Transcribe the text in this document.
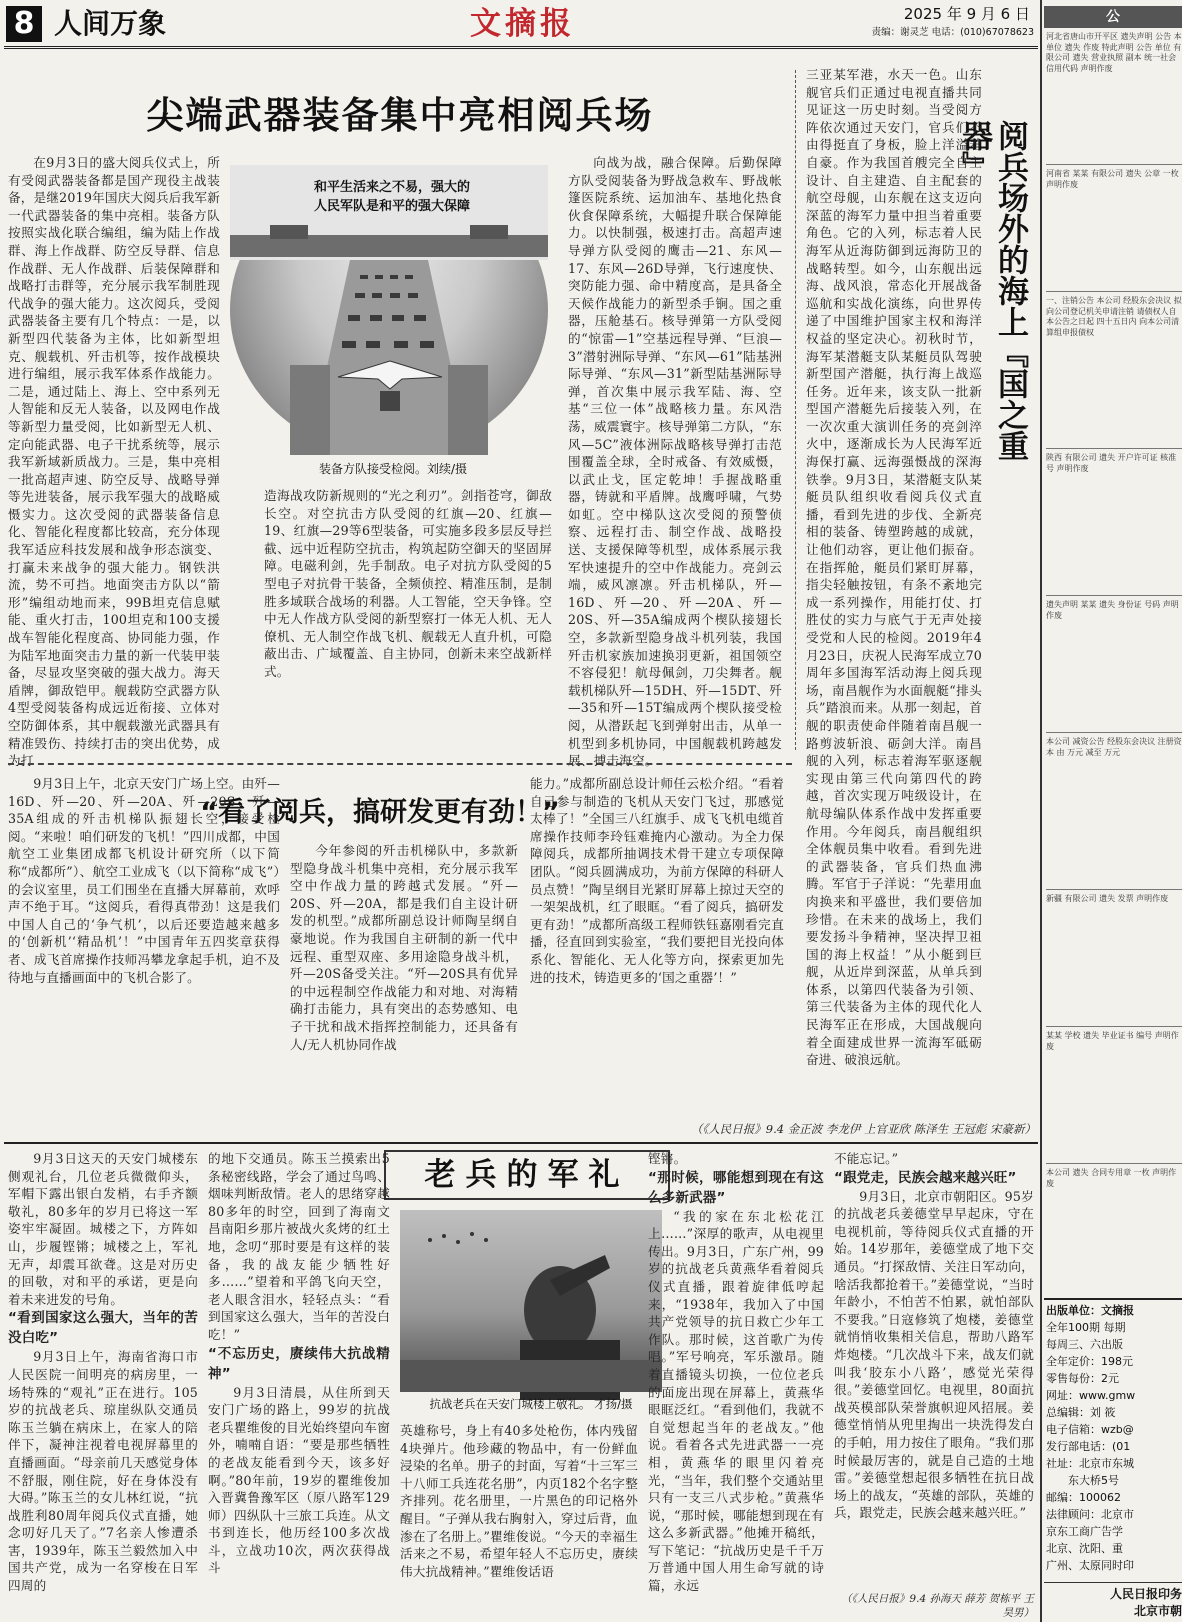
8 人间万象	文摘报	2025 年 9 月 6 日
责编：谢灵芝 电话：(010)67078623
尖端武器装备集中亮相阅兵场

在9月3日的盛大阅兵仪式上，所有受阅武器装备都是国产现役主战装备，是继2019年国庆大阅兵后我军新一代武器装备的集中亮相。装备方队按照实战化联合编组，编为陆上作战群、海上作战群、防空反导群、信息作战群、无人作战群、后装保障群和战略打击群等，充分展示我军制胜现代战争的强大能力。这次阅兵，受阅武器装备主要有几个特点：一是，以新型四代装备为主体，比如新型坦克、舰载机、歼击机等，按作战模块进行编组，展示我军体系作战能力。二是，通过陆上、海上、空中系列无人智能和反无人装备，以及网电作战等新型力量受阅，比如新型无人机、定向能武器、电子干扰系统等，展示我军新域新质战力。三是，集中亮相一批高超声速、防空反导、战略导弹等先进装备，展示我军强大的战略威慑实力。这次受阅的武器装备信息化、智能化程度都比较高，充分体现我军适应科技发展和战争形态演变、打赢未来战争的强大能力。钢铁洪流，势不可挡。地面突击方队以“箭形”编组动地而来，99B坦克信息赋能、重火打击，100坦克和100支援战车智能化程度高、协同能力强，作为陆军地面突击力量的新一代装甲装备，尽显攻坚突破的强大战力。海天盾牌，御敌铠甲。舰载防空武器方队4型受阅装备构成远近衔接、立体对空防御体系，其中舰载激光武器具有精准毁伤、持续打击的突出优势，成为打

和平生活来之不易，强大的人民军队是和平的强大保障
装备方队接受检阅。刘续/摄

造海战攻防新规则的“光之利刃”。剑指苍穹，御敌长空。对空抗击方队受阅的红旗—20、红旗—19、红旗—29等6型装备，可实施多段多层反导拦截、远中近程防空抗击，构筑起防空御天的坚固屏障。电磁利剑，先手制敌。电子对抗方队受阅的5型电子对抗骨干装备，全频侦控、精准压制，是制胜多域联合战场的利器。人工智能，空天争锋。空中无人作战方队受阅的新型察打一体无人机、无人僚机、无人制空作战飞机、舰载无人直升机，可隐蔽出击、广域覆盖、自主协同，创新未来空战新样式。

向战为战，融合保障。后勤保障方队受阅装备为野战急救车、野战帐篷医院系统、运加油车、基地化热食伙食保障系统，大幅提升联合保障能力。以快制强，极速打击。高超声速导弹方队受阅的鹰击—21、东风—17、东风—26D导弹，飞行速度快、突防能力强、命中精度高，是具备全天候作战能力的新型杀手锏。国之重器，压舱基石。核导弹第一方队受阅的“惊雷—1”空基远程导弹、“巨浪—3”潜射洲际导弹、“东风—61”陆基洲际导弹、“东风—31”新型陆基洲际导弹，首次集中展示我军陆、海、空基“三位一体”战略核力量。东风浩荡，威震寰宇。核导弹第二方队，“东风—5C”液体洲际战略核导弹打击范围覆盖全球，全时戒备、有效威慑，以武止戈，匡定乾坤！手握战略重器，铸就和平盾牌。战鹰呼啸，气势如虹。空中梯队这次受阅的预警侦察、远程打击、制空作战、战略投送、支援保障等机型，成体系展示我军快速提升的空中作战能力。亮剑云端，威风凛凛。歼击机梯队，歼—16D、歼—20、歼—20A、歼—20S、歼—35A编成两个楔队接翅长空，多款新型隐身战斗机列装，我国歼击机家族加速换羽更新，祖国领空不容侵犯！航母佩剑，刀尖舞者。舰载机梯队歼—15DH、歼—15DT、歼—35和歼—15T编成两个楔队接受检阅，从潜跃起飞到弹射出击，从单一机型到多机协同，中国舰载机跨越发展、搏击海空。

阅兵场外的海上『国之重器』

三亚某军港，水天一色。山东舰官兵们正通过电视直播共同见证这一历史时刻。当受阅方阵依次通过天安门，官兵们不由得挺直了身板，脸上洋溢着自豪。作为我国首艘完全自主设计、自主建造、自主配套的航空母舰，山东舰在这支迈向深蓝的海军力量中担当着重要角色。它的入列，标志着人民海军从近海防御到远海防卫的战略转型。如今，山东舰出远海、战风浪，常态化开展战备巡航和实战化演练，向世界传递了中国维护国家主权和海洋权益的坚定决心。初秋时节，海军某潜艇支队某艇员队驾驶新型国产潜艇，执行海上战巡任务。近年来，该支队一批新型国产潜艇先后接装入列，在一次次重大演训任务的亮剑淬火中，逐渐成长为人民海军近海保打赢、远海强慑战的深海铁拳。9月3日，某潜艇支队某艇员队组织收看阅兵仪式直播，看到先进的步伐、全新亮相的装备、铸塑跨越的成就，让他们动容，更让他们振奋。在指挥舱，艇员们紧盯屏幕，指尖轻触按钮，有条不紊地完成一系列操作，用能打仗、打胜仗的实力与底气于无声处接受党和人民的检阅。2019年4月23日，庆祝人民海军成立70周年多国海军活动海上阅兵现场，南昌舰作为水面舰艇“排头兵”踏浪而来。从那一刻起，首舰的职责使命伴随着南昌舰一路剪波斩浪、砺剑大洋。南昌舰的入列，标志着海军驱逐舰实现由第三代向第四代的跨越，首次实现万吨级设计，在航母编队体系作战中发挥重要作用。今年阅兵，南昌舰组织全体舰员集中收看。看到先进的武器装备，官兵们热血沸腾。军官于子洋说：“先辈用血肉换来和平盛世，我们要倍加珍惜。在未来的战场上，我们要发扬斗争精神，坚决捍卫祖国的海上权益！”从小艇到巨舰，从近岸到深蓝，从单兵到体系，以第四代装备为引领、第三代装备为主体的现代化人民海军正在形成，大国战舰向着全面建成世界一流海军砥砺奋进、破浪远航。

“看了阅兵，搞研发更有劲！”

9月3日上午，北京天安门广场上空。由歼—16D、歼—20、歼—20A、歼—20S、歼—35A组成的歼击机梯队振翅长空，接受检阅。“来啦！咱们研发的飞机！”四川成都，中国航空工业集团成都飞机设计研究所（以下简称“成都所”）、航空工业成飞（以下简称“成飞”）的会议室里，员工们围坐在直播大屏幕前，欢呼声不绝于耳。“这阅兵，看得真带劲！这是我们中国人自己的‘争气机’，以后还要造越来越多的‘创新机’‘精品机’！”中国青年五四奖章获得者、成飞首席操作技师冯攀龙拿起手机，迫不及待地与直播画面中的飞机合影了。

今年参阅的歼击机梯队中，多款新型隐身战斗机集中亮相，充分展示我军空中作战力量的跨越式发展。“歼—20S、歼—20A，都是我们自主设计研发的机型。”成都所副总设计师陶呈纲自豪地说。作为我国自主研制的新一代中远程、重型双座、多用途隐身战斗机，歼—20S备受关注。“歼—20S具有优异的中远程制空作战能力和对地、对海精确打击能力，具有突出的态势感知、电子干扰和战术指挥控制能力，还具备有人/无人机协同作战

能力。”成都所副总设计师任云松介绍。“看着自己参与制造的飞机从天安门飞过，那感觉太棒了！”全国三八红旗手、成飞飞机电缆首席操作技师李玲钰难掩内心激动。为全力保障阅兵，成都所抽调技术骨干建立专项保障团队。“阅兵圆满成功，为前方保障的科研人员点赞！”陶呈纲目光紧盯屏幕上掠过天空的一架架战机，红了眼眶。“看了阅兵，搞研发更有劲！”成都所高级工程师铁钰嘉刚看完直播，径直回到实验室，“我们要把目光投向体系化、智能化、无人化等方向，探索更加先进的技术，铸造更多的‘国之重器’！”

（《人民日报》9.4 金正波 李龙伊 上官亚欣 陈泽生 王冠彪 宋豪新）
老兵的军礼
抗战老兵在天安门城楼上敬礼。 才扬/摄

9月3日这天的天安门城楼东侧观礼台，几位老兵微微仰头，军帽下露出银白发梢，右手齐额敬礼，80多年的岁月已将这一军姿牢牢凝固。城楼之下，方阵如山，步履铿锵；城楼之上，军礼无声，却震耳欲聋。这是对历史的回敬，对和平的承诺，更是向着未来进发的号角。

“看到国家这么强大，当年的苦没白吃”

9月3日上午，海南省海口市人民医院一间明亮的病房里，一场特殊的“观礼”正在进行。105岁的抗战老兵、琼崖纵队交通员陈玉兰躺在病床上，在家人的陪伴下，凝神注视着电视屏幕里的直播画面。“母亲前几天感觉身体不舒服，刚住院，好在身体没有大碍。”陈玉兰的女儿林红说，“抗战胜利80周年阅兵仪式直播，她念叨好几天了。”7名亲人惨遭杀害，1939年，陈玉兰毅然加入中国共产党，成为一名穿梭在日军四周的

的地下交通员。陈玉兰摸索出5条秘密线路，学会了通过鸟鸣、烟味判断敌情。老人的思绪穿越80多年的时空，回到了海南文昌南阳乡那片被战火炙烤的红土地，念叨“那时要是有这样的装备，我的战友能少牺牲好多……”望着和平鸽飞向天空，老人眼含泪水，轻轻点头：“看到国家这么强大，当年的苦没白吃！”

“不忘历史，赓续伟大抗战精神”

9月3日清晨，从住所到天安门广场的路上，99岁的抗战老兵瞿维俊的目光始终望向车窗外，喃喃自语：“要是那些牺牲的老战友能看到今天，该多好啊。”80年前，19岁的瞿维俊加入晋冀鲁豫军区（原八路军129师）四纵队十三旅工兵连。从文书到连长，他历经100多次战斗，立战功10次，两次获得战斗

英雄称号，身上有40多处枪伤，体内残留4块弹片。他珍藏的物品中，有一份鲜血浸染的名单。册子的封面，写着“十三军三十八师工兵连花名册”，内页182个名字整齐排列。花名册里，一片黑色的印记格外醒目。“子弹从我右胸射入，穿过后背，血渗在了名册上。”瞿维俊说。“今天的幸福生活来之不易，希望年轻人不忘历史，赓续伟大抗战精神。”瞿维俊话语

铿锵。

“那时候，哪能想到现在有这么多新武器”

“我的家在东北松花江上……”深厚的歌声，从电视里传出。9月3日，广东广州，99岁的抗战老兵黄燕华看着阅兵仪式直播，跟着旋律低哼起来，“1938年，我加入了中国共产党领导的抗日救亡少年工作队。那时候，这首歌广为传唱。”军号响亮，军乐激昂。随着直播镜头切换，一位位老兵的面庞出现在屏幕上，黄燕华眼眶泛红。“看到他们，我就不自觉想起当年的老战友。”他说。看着各式先进武器一一亮相，黄燕华的眼里闪着亮光，“当年，我们整个交通站里只有一支三八式步枪。”黄燕华说，“那时候，哪能想到现在有这么多新武器。”他摊开稿纸，写下笔记：“抗战历史是千千万万普通中国人用生命写就的诗篇，永远

不能忘记。”

“跟党走，民族会越来越兴旺”

9月3日，北京市朝阳区。95岁的抗战老兵姜德堂早早起床，守在电视机前，等待阅兵仪式直播的开始。14岁那年，姜德堂成了地下交通员。“打探敌情、关注日军动向，啥活我都抢着干。”姜德堂说，“当时年龄小，不怕苦不怕累，就怕部队不要我。”日寇修筑了炮楼，姜德堂就悄悄收集相关信息，帮助八路军炸炮楼。“几次战斗下来，战友们就叫我‘胶东小八路’，感觉光荣得很。”姜德堂回忆。电视里，80面抗战英模部队荣誉旗帜迎风招展。姜德堂悄悄从兜里掏出一块洗得发白的手帕，用力按住了眼角。“我们那时候最厉害的，就是自己造的土地雷。”姜德堂想起很多牺牲在抗日战场上的战友，“英雄的部队，英雄的兵，跟党走，民族会越来越兴旺。”

（《人民日报》9.4 孙海天 薛芳 贺栋平 王昊男）
公
河北省唐山市开平区 遗失声明 公告 本单位 遗失 作废 特此声明 公告 单位 有限公司 遗失 营业执照 副本 统一社会信用代码 声明作废
河南省 某某 有限公司 遗失 公章 一枚 声明作废
一、注销公告 本公司 经股东会决议 拟向公司登记机关申请注销 请债权人自本公告之日起 四十五日内 向本公司清算组申报债权
陕西 有限公司 遗失 开户许可证 核准号 声明作废
遗失声明 某某 遗失 身份证 号码 声明作废
本公司 减资公告 经股东会决议 注册资本 由 万元 减至 万元
新疆 有限公司 遗失 发票 声明作废
某某 学校 遗失 毕业证书 编号 声明作废
本公司 遗失 合同专用章 一枚 声明作废
出版单位：文摘报
全年100期 每期
每周三、六出版
全年定价：198元
零售每份：2元
网址：www.gmw
总编辑：刘 筱
电子信箱：wzb@
发行部电话：(01
社址：北京市东城
东大桥5号
邮编：100062
法律顾问：北京市
京东工商广告学
北京、沈阳、重
广州、太原同时印
人民日报印务
北京市朝
